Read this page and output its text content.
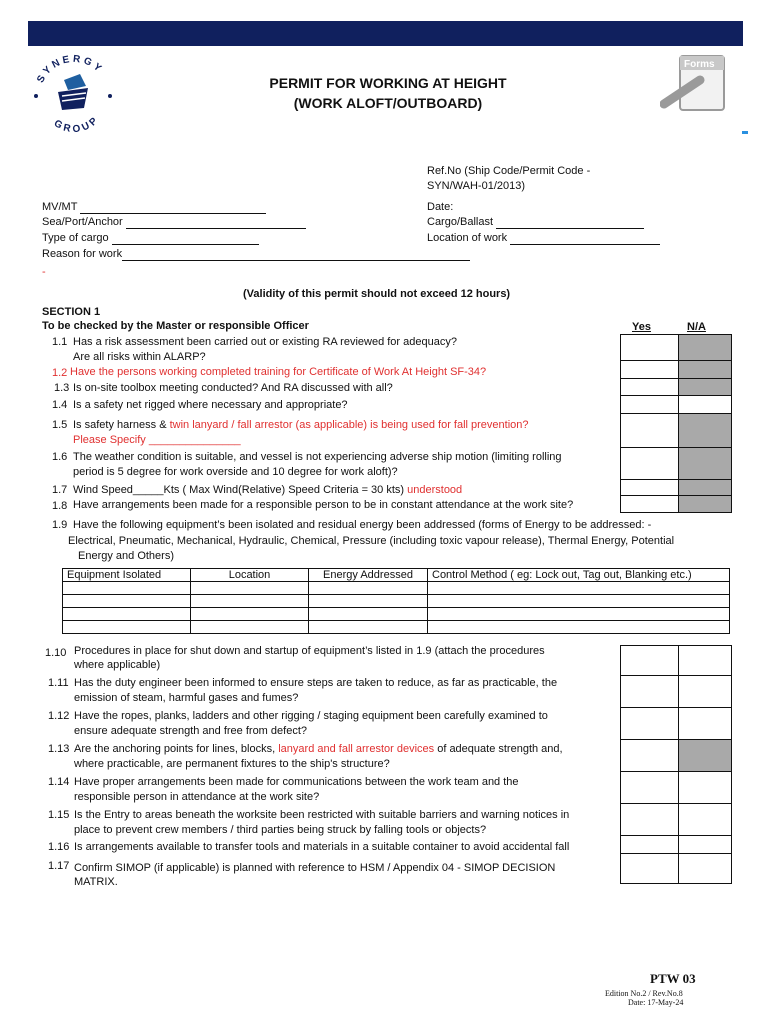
SYNERGY
GROUP
PERMIT FOR WORKING AT HEIGHT
(WORK ALOFT/OUTBOARD)
Forms
Ref.No (Ship Code/Permit Code -
SYN/WAH-01/2013)
MV/MT
Sea/Port/Anchor
Type of cargo
Reason for work
-
Date:
Cargo/Ballast
Location of work
(Validity of this permit should not exceed 12 hours)
SECTION 1
To be checked by the Master or responsible Officer	Yes	N/A

1.1 Has a risk assessment been carried out or existing RA reviewed for adequacy?
Are all risks within ALARP?
1.2 Have the persons working completed training for Certificate of Work At Height SF-34?
1.3 Is on-site toolbox meeting conducted? And RA discussed with all?
1.4 Is a safety net rigged where necessary and appropriate?
1.5 Is safety harness & twin lanyard / fall arrestor (as applicable) is being used for fall prevention?
Please Specify _______________
1.6 The weather condition is suitable, and vessel is not experiencing adverse ship motion (limiting rolling
period is 5 degree for work overside and 10 degree for work aloft)?
1.7 Wind Speed_____Kts ( Max Wind(Relative) Speed Criteria = 30 kts) understood
1.8 Have arrangements been made for a responsible person to be in constant attendance at the work site?
1.9 Have the following equipment’s been isolated and residual energy been addressed (forms of Energy to be addressed: -
Electrical, Pneumatic, Mechanical, Hydraulic, Chemical, Pressure (including toxic vapour release), Thermal Energy, Potential
Energy and Others)
Equipment Isolated	Location	Energy Addressed	Control Method ( eg: Lock out, Tag out, Blanking etc.)

1.10 Procedures in place for shut down and startup of equipment’s listed in 1.9 (attach the procedures
where applicable)
1.11 Has the duty engineer been informed to ensure steps are taken to reduce, as far as practicable, the
emission of steam, harmful gases and fumes?
1.12 Have the ropes, planks, ladders and other rigging / staging equipment been carefully examined to
ensure adequate strength and free from defect?
1.13 Are the anchoring points for lines, blocks, lanyard and fall arrestor devices of adequate strength and,
where practicable, are permanent fixtures to the ship's structure?
1.14 Have proper arrangements been made for communications between the work team and the
responsible person in attendance at the work site?
1.15 Is the Entry to areas beneath the worksite been restricted with suitable barriers and warning notices in
place to prevent crew members / third parties being struck by falling tools or objects?
1.16 Is arrangements available to transfer tools and materials in a suitable container to avoid accidental fall
1.17 Confirm SIMOP (if applicable) is planned with reference to HSM / Appendix 04 - SIMOP DECISION
MATRIX.
PTW 03
Edition No.2 / Rev.No.8
Date: 17-May-24
